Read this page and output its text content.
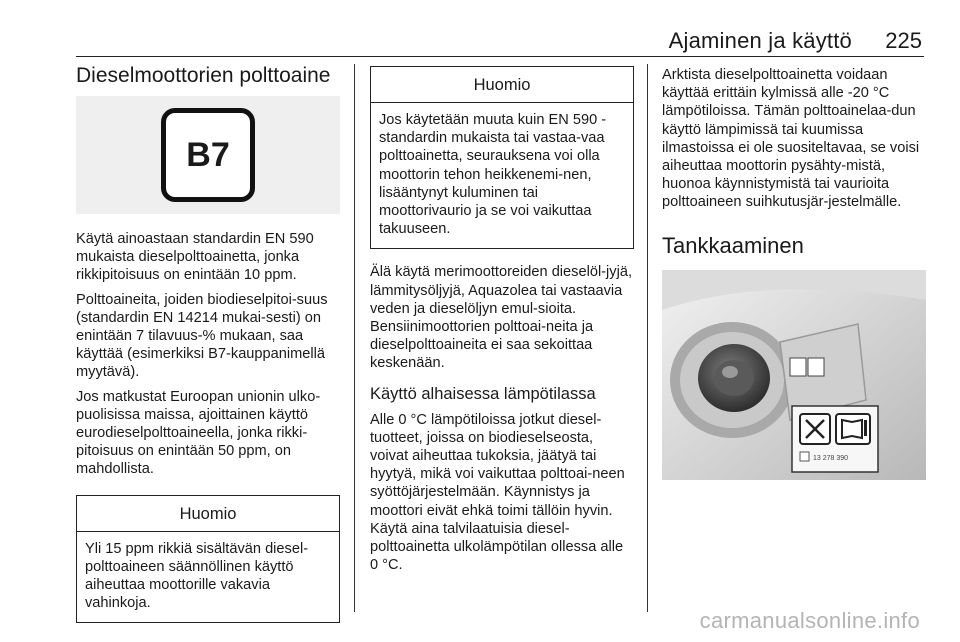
Ajaminen ja käyttö 225
Dieselmoottorien polttoaine
B7

Käytä ainoastaan standardin EN 590 mukaista dieselpolttoainetta, jonka rikkipitoisuus on enintään 10 ppm.

Polttoaineita, joiden biodieselpitoi-suus (standardin EN 14214 mukai-sesti) on enintään 7 tilavuus-% mukaan, saa käyttää (esimerkiksi B7-kauppanimellä myytävä).

Jos matkustat Euroopan unionin ulko-puolisissa maissa, ajoittainen käyttö eurodieselpolttoaineella, jonka rikki-pitoisuus on enintään 50 ppm, on mahdollista.

Huomio
Yli 15 ppm rikkiä sisältävän diesel-polttoaineen säännöllinen käyttö aiheuttaa moottorille vakavia vahinkoja.
Huomio
Jos käytetään muuta kuin EN 590 -standardin mukaista tai vastaa-vaa polttoainetta, seurauksena voi olla moottorin tehon heikkenemi-nen, lisääntynyt kuluminen tai moottorivaurio ja se voi vaikuttaa takuuseen.

Älä käytä merimoottoreiden dieselöl-jyjä, lämmitysöljyjä, Aquazolea tai vastaavia veden ja dieselöljyn emul-sioita. Bensiinimoottorien polttoai-neita ja dieselpolttoaineita ei saa sekoittaa keskenään.

Käyttö alhaisessa lämpötilassa

Alle 0 °C lämpötiloissa jotkut diesel-tuotteet, joissa on biodieselseosta, voivat aiheuttaa tukoksia, jäätyä tai hyytyä, mikä voi vaikuttaa polttoai-neen syöttöjärjestelmään. Käynnistys ja moottori eivät ehkä toimi tällöin hyvin. Käytä aina talvilaatuisia diesel-polttoainetta ulkolämpötilan ollessa alle 0 °C.

Arktista dieselpolttoainetta voidaan käyttää erittäin kylmissä alle -20 °C lämpötiloissa. Tämän polttoainelaa-dun käyttö lämpimissä tai kuumissa ilmastoissa ei ole suositeltavaa, se voisi aiheuttaa moottorin pysähty-mistä, huonoa käynnistymistä tai vaurioita polttoaineen suihkutusjär-jestelmälle.

Tankkaaminen
13 278 390
carmanualsonline.info
